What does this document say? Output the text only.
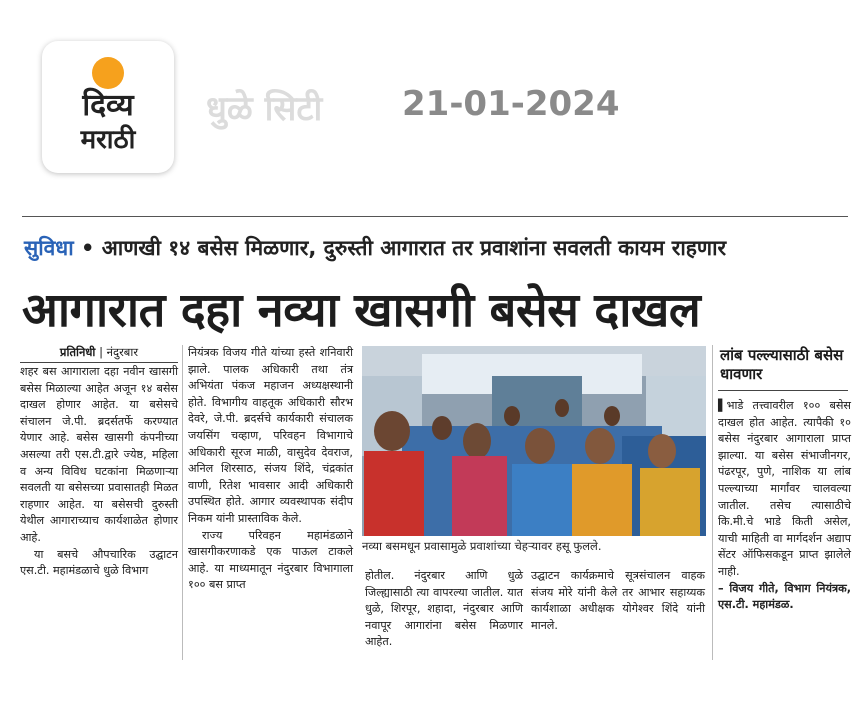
दिव्य
मराठी
धुळे सिटी 21-01-2024
सुविधा • आणखी १४ बसेस मिळणार, दुरुस्ती आगारात तर प्रवाशांना सवलती कायम राहणार
आगारात दहा नव्या खासगी बसेस दाखल
प्रतिनिधी | नंदुरबार

शहर बस आगाराला दहा नवीन खासगी बसेस मिळाल्या आहेत अजून १४ बसेस दाखल होणार आहेत. या बसेसचे संचालन जे.पी. ब्रदर्सतर्फे करण्यात येणार आहे. बसेस खासगी कंपनीच्या असल्या तरी एस.टी.द्वारे ज्येष्ठ, महिला व अन्य विविध घटकांना मिळणाऱ्या सवलती या बसेसच्या प्रवासातही मिळत राहणार आहेत. या बसेसची दुरुस्ती येथील आगाराच्याच कार्यशाळेत होणार आहे.

या बसचे औपचारिक उद्घाटन एस.टी. महामंडळाचे धुळे विभाग

नियंत्रक विजय गीते यांच्या हस्ते शनिवारी झाले. पालक अधिकारी तथा तंत्र अभियंता पंकज महाजन अध्यक्षस्थानी होते. विभागीय वाहतूक अधिकारी सौरभ देवरे, जे.पी. ब्रदर्सचे कार्यकारी संचालक जयसिंग चव्हाण, परिवहन विभागाचे अधिकारी सूरज माळी, वासुदेव देवराज, अनिल शिरसाठ, संजय शिंदे, चंद्रकांत वाणी, रितेश भावसार आदी अधिकारी उपस्थित होते. आगार व्यवस्थापक संदीप निकम यांनी प्रास्ताविक केले.

राज्य परिवहन महामंडळाने खासगीकरणाकडे एक पाऊल टाकले आहे. या माध्यमातून नंदुरबार विभागाला १०० बस प्राप्त

नव्या बसमधून प्रवासामुळे प्रवाशांच्या चेहऱ्यावर हसू फुलले.

होतील. नंदुरबार आणि धुळे जिल्ह्यासाठी त्या वापरल्या जातील. यात धुळे, शिरपूर, शहादा, नंदुरबार आणि नवापूर आगारांना बसेस मिळणार आहेत.

उद्घाटन कार्यक्रमाचे सूत्रसंचालन वाहक संजय मोरे यांनी केले तर आभार सहाय्यक कार्यशाळा अधीक्षक योगेश्वर शिंदे यांनी मानले.

लांब पल्ल्यासाठी बसेस धावणार

▌भाडे तत्त्वावरील १०० बसेस दाखल होत आहेत. त्यापैकी १० बसेस नंदुरबार आगाराला प्राप्त झाल्या. या बसेस संभाजीनगर, पंढरपूर, पुणे, नाशिक या लांब पल्ल्याच्या मार्गांवर चालवल्या जातील. तसेच त्यासाठीचे कि.मी.चे भाडे किती असेल, याची माहिती वा मार्गदर्शन अद्याप सेंटर ऑफिसकडून प्राप्त झालेले नाही.

– विजय गीते, विभाग नियंत्रक, एस.टी. महामंडळ.
